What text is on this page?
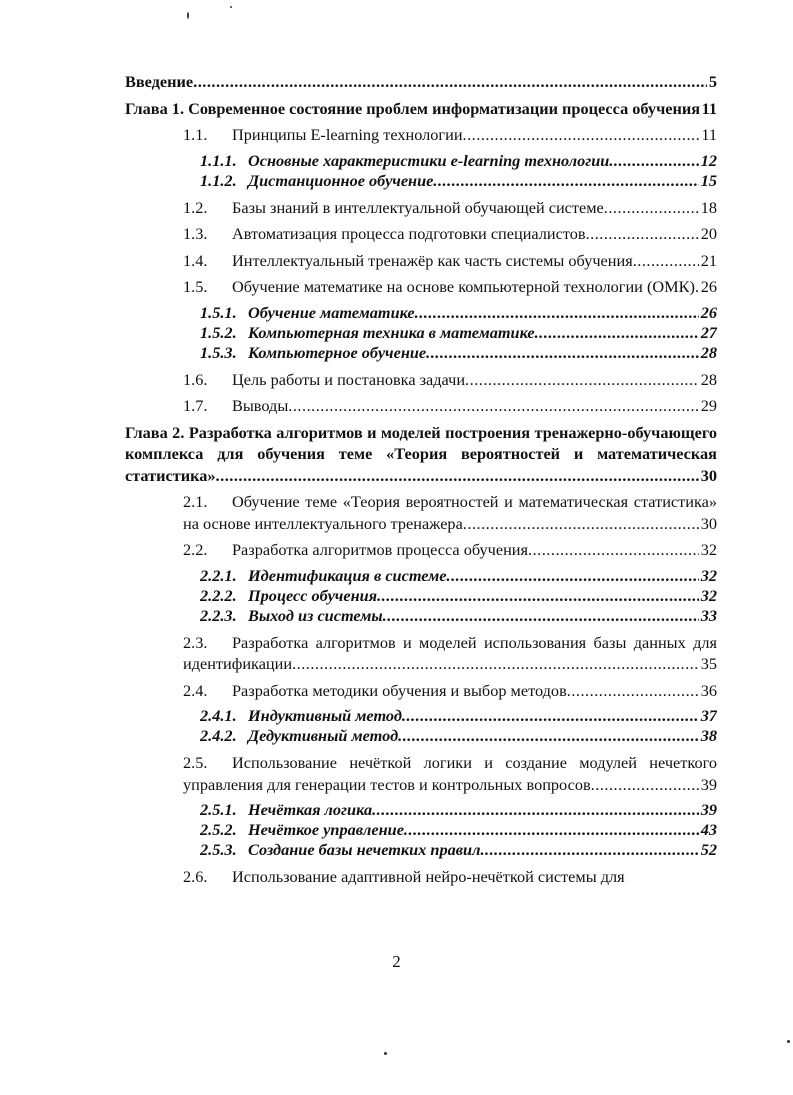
Введение	5
Глава 1. Современное состояние проблем информатизации процесса обучения 11
1.1. Принципы E-learning технологии	11
1.1.1. Основные характеристики e-learning технологии	12
1.1.2. Дистанционное обучение	15
1.2. Базы знаний в интеллектуальной обучающей системе	18
1.3. Автоматизация процесса подготовки специалистов	20
1.4. Интеллектуальный тренажёр как часть системы обучения	21
1.5. Обучение математике на основе компьютерной технологии (ОМК) 26
1.5.1. Обучение математике	26
1.5.2. Компьютерная техника в математике	27
1.5.3. Компьютерное обучение	28
1.6. Цель работы и постановка задачи	28
1.7. Выводы	29
Глава 2. Разработка алгоритмов и моделей построения тренажерно-обучающего комплекса для обучения теме «Теория вероятностей и математическая статистика»	30
2.1. Обучение теме «Теория вероятностей и математическая статистика» на основе интеллектуального тренажера	30
2.2. Разработка алгоритмов процесса обучения	32
2.2.1. Идентификация в системе	32
2.2.2. Процесс обучения	32
2.2.3. Выход из системы	33
2.3. Разработка алгоритмов и моделей использования базы данных для идентификации	35
2.4. Разработка методики обучения и выбор методов	36
2.4.1. Индуктивный метод	37
2.4.2. Дедуктивный метод	38
2.5. Использование нечёткой логики и создание модулей нечеткого управления для генерации тестов и контрольных вопросов	39
2.5.1. Нечёткая логика	39
2.5.2. Нечёткое управление	43
2.5.3. Создание базы нечетких правил	52
2.6. Использование адаптивной нейро-нечёткой системы для
2
